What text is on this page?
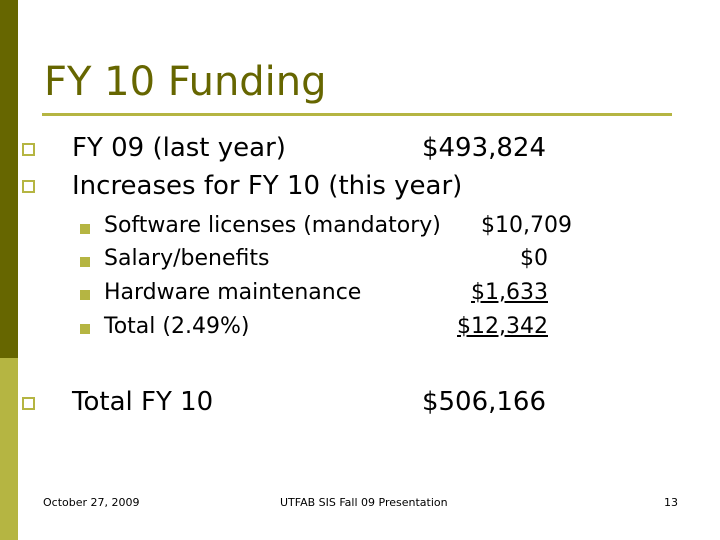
FY 10 Funding
FY 09 (last year)	$493,824
Increases for FY 10 (this year)
Software licenses (mandatory)	$10,709
Salary/benefits	$0
Hardware maintenance	$1,633
Total (2.49%)	$12,342
Total FY 10	$506,166
October 27, 2009	UTFAB SIS Fall 09 Presentation	13
